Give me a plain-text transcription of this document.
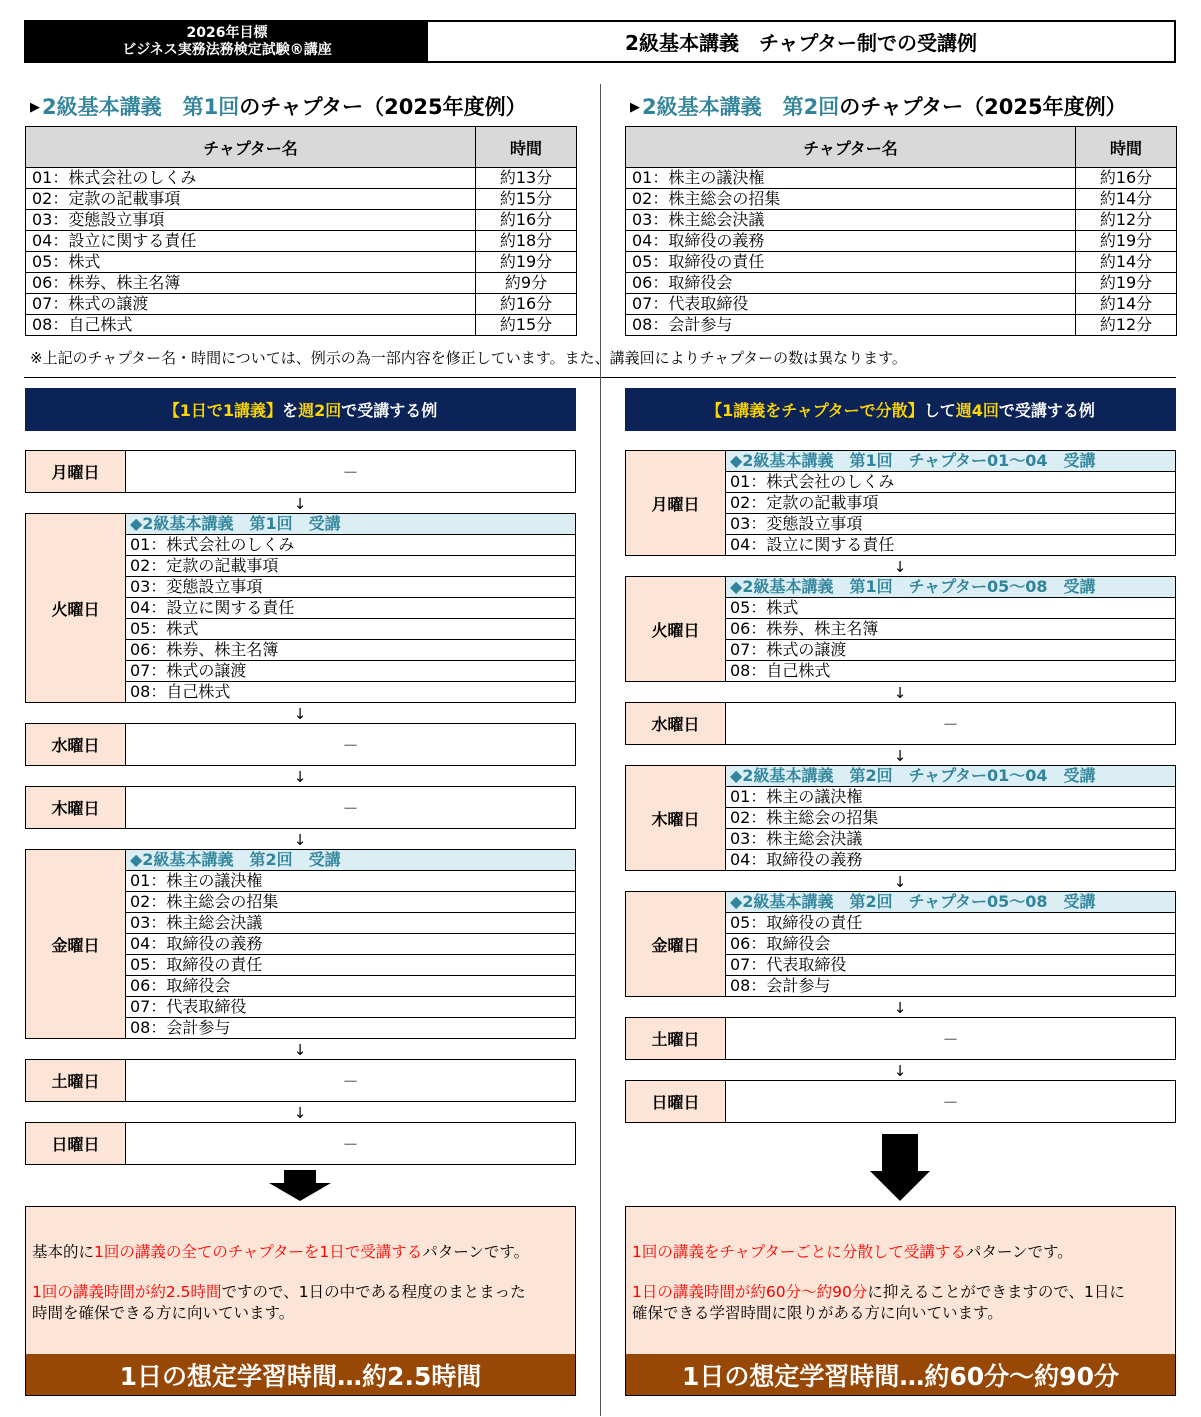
2026年目標
ビジネス実務法務検定試験®講座	2級基本講義　チャプター制での受講例
▶2級基本講義　第1回のチャプター（2025年度例）	▶2級基本講義　第2回のチャプター（2025年度例）
チャプター名	時間
01：株式会社のしくみ	約13分
02：定款の記載事項	約15分
03：変態設立事項	約16分
04：設立に関する責任	約18分
05：株式	約19分
06：株券、株主名簿	約9分
07：株式の譲渡	約16分
08：自己株式	約15分
チャプター名	時間
01：株主の議決権	約16分
02：株主総会の招集	約14分
03：株主総会決議	約12分
04：取締役の義務	約19分
05：取締役の責任	約14分
06：取締役会	約19分
07：代表取締役	約14分
08：会計参与	約12分
※上記のチャプター名・時間については、例示の為一部内容を修正しています。また、講義回によりチャプターの数は異なります。
【1日で1講義】 を 週2回 で受講する例	【1講義をチャプターで分散】 して 週4回 で受講する例
月曜日	－
↓
火曜日
◆2級基本講義　第1回　受講
01：株式会社のしくみ
02：定款の記載事項
03：変態設立事項
04：設立に関する責任
05：株式
06：株券、株主名簿
07：株式の譲渡
08：自己株式
↓
水曜日	－
↓
木曜日	－
↓
金曜日
◆2級基本講義　第2回　受講
01：株主の議決権
02：株主総会の招集
03：株主総会決議
04：取締役の義務
05：取締役の責任
06：取締役会
07：代表取締役
08：会計参与
↓
土曜日	－
↓
日曜日	－
基本的に1回の講義の全てのチャプターを1日で受講するパターンです。
1回の講義時間が約2.5時間ですので、1日の中である程度のまとまった
時間を確保できる方に向いています。
1日の想定学習時間…約2.5時間
月曜日
◆2級基本講義　第1回　チャプター01～04　受講
01：株式会社のしくみ
02：定款の記載事項
03：変態設立事項
04：設立に関する責任
↓
火曜日
◆2級基本講義　第1回　チャプター05～08　受講
05：株式
06：株券、株主名簿
07：株式の譲渡
08：自己株式
↓
水曜日	－
↓
木曜日
◆2級基本講義　第2回　チャプター01～04　受講
01：株主の議決権
02：株主総会の招集
03：株主総会決議
04：取締役の義務
↓
金曜日
◆2級基本講義　第2回　チャプター05～08　受講
05：取締役の責任
06：取締役会
07：代表取締役
08：会計参与
↓
土曜日	－
↓
日曜日	－
1回の講義をチャプターごとに分散して受講するパターンです。
1日の講義時間が約60分～約90分に抑えることができますので、1日に
確保できる学習時間に限りがある方に向いています。
1日の想定学習時間…約60分～約90分
